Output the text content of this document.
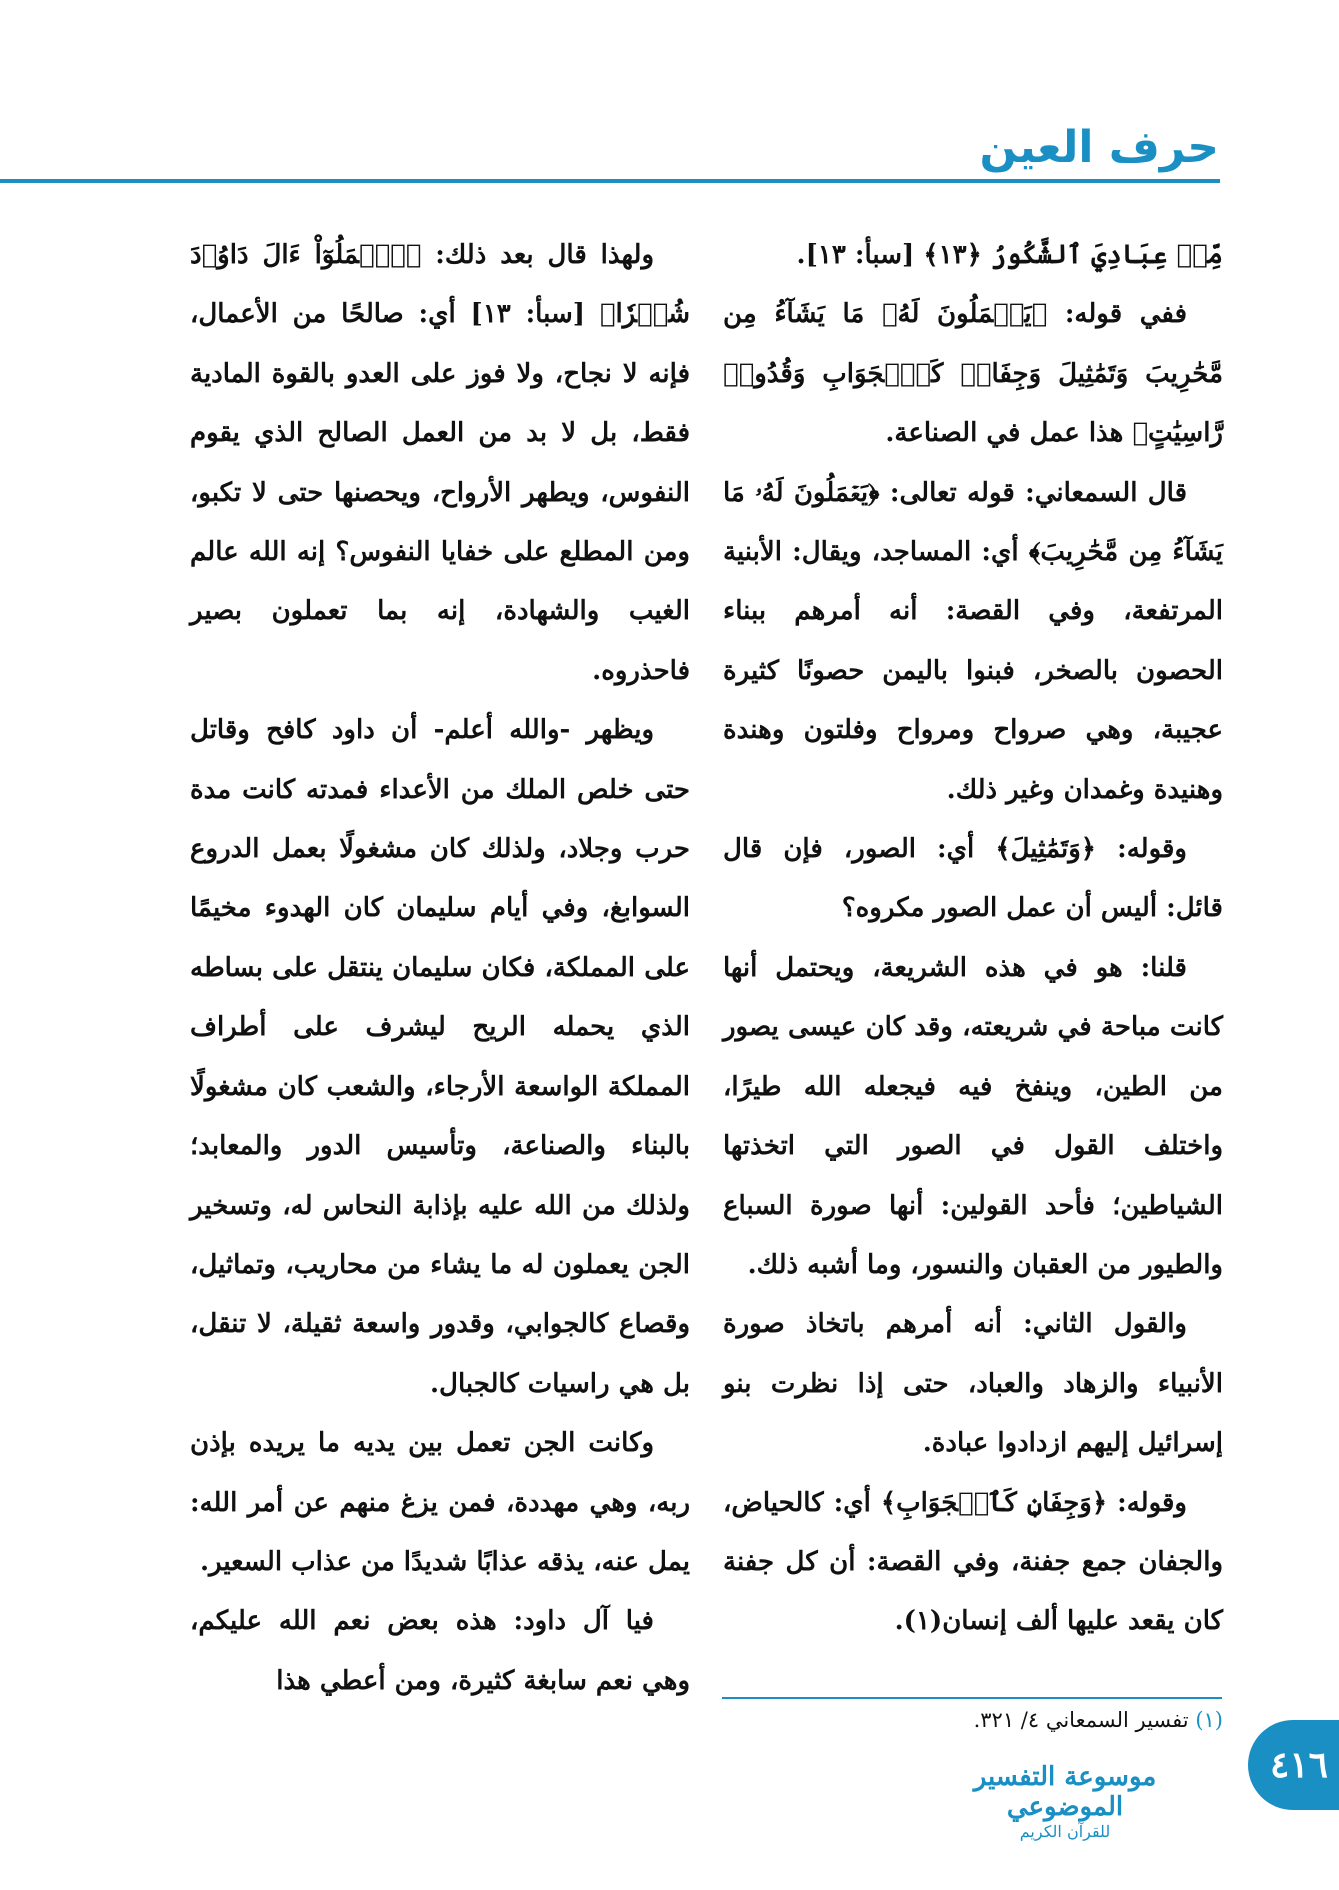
حرف العين

مِّنۡ عِبَادِيَ ٱلشَّكُورُ ﴿١٣﴾ [سبأ: ١٣].

ففي قوله: ﴿يَعۡمَلُونَ لَهُۥ مَا يَشَآءُ مِن مَّحَٰرِيبَ وَتَمَٰثِيلَ وَجِفَانٖ كَٱلۡجَوَابِ وَقُدُورٖ رَّاسِيَٰتٍ﴾ هذا عمل في الصناعة.

قال السمعاني: قوله تعالى: ﴿يَعۡمَلُونَ لَهُۥ مَا يَشَآءُ مِن مَّحَٰرِيبَ﴾ أي: المساجد، ويقال: الأبنية المرتفعة، وفي القصة: أنه أمرهم ببناء الحصون بالصخر، فبنوا باليمن حصونًا كثيرة عجيبة، وهي صرواح ومرواح وفلتون وهندة وهنيدة وغمدان وغير ذلك.

وقوله: ﴿وَتَمَٰثِيلَ﴾ أي: الصور، فإن قال قائل: أليس أن عمل الصور مكروه؟

قلنا: هو في هذه الشريعة، ويحتمل أنها كانت مباحة في شريعته، وقد كان عيسى يصور من الطين، وينفخ فيه فيجعله الله طيرًا، واختلف القول في الصور التي اتخذتها الشياطين؛ فأحد القولين: أنها صورة السباع والطيور من العقبان والنسور، وما أشبه ذلك.

والقول الثاني: أنه أمرهم باتخاذ صورة الأنبياء والزهاد والعباد، حتى إذا نظرت بنو إسرائيل إليهم ازدادوا عبادة.

وقوله: ﴿وَجِفَانٖ كَٱلۡجَوَابِ﴾ أي: كالحياض، والجفان جمع جفنة، وفي القصة: أن كل جفنة كان يقعد عليها ألف إنسان(١).

ولهذا قال بعد ذلك: ﴿ٱعۡمَلُوٓاْ ءَالَ دَاوُۥدَ شُكۡرٗا﴾ [سبأ: ١٣] أي: صالحًا من الأعمال، فإنه لا نجاح، ولا فوز على العدو بالقوة المادية فقط، بل لا بد من العمل الصالح الذي يقوم النفوس، ويطهر الأرواح، ويحصنها حتى لا تكبو، ومن المطلع على خفايا النفوس؟ إنه الله عالم الغيب والشهادة، إنه بما تعملون بصير فاحذروه.

ويظهر -والله أعلم- أن داود كافح وقاتل حتى خلص الملك من الأعداء فمدته كانت مدة حرب وجلاد، ولذلك كان مشغولًا بعمل الدروع السوابغ، وفي أيام سليمان كان الهدوء مخيمًا على المملكة، فكان سليمان ينتقل على بساطه الذي يحمله الريح ليشرف على أطراف المملكة الواسعة الأرجاء، والشعب كان مشغولًا بالبناء والصناعة، وتأسيس الدور والمعابد؛ ولذلك من الله عليه بإذابة النحاس له، وتسخير الجن يعملون له ما يشاء من محاريب، وتماثيل، وقصاع كالجوابي، وقدور واسعة ثقيلة، لا تنقل، بل هي راسيات كالجبال.

وكانت الجن تعمل بين يديه ما يريده بإذن ربه، وهي مهددة، فمن يزغ منهم عن أمر الله: يمل عنه، يذقه عذابًا شديدًا من عذاب السعير.

فيا آل داود: هذه بعض نعم الله عليكم، وهي نعم سابغة كثيرة، ومن أعطي هذا

(١) تفسير السمعاني ٤/ ٣٢١.
موسوعة التفسير الموضوعي
للقرآن الكريم
٤١٦
